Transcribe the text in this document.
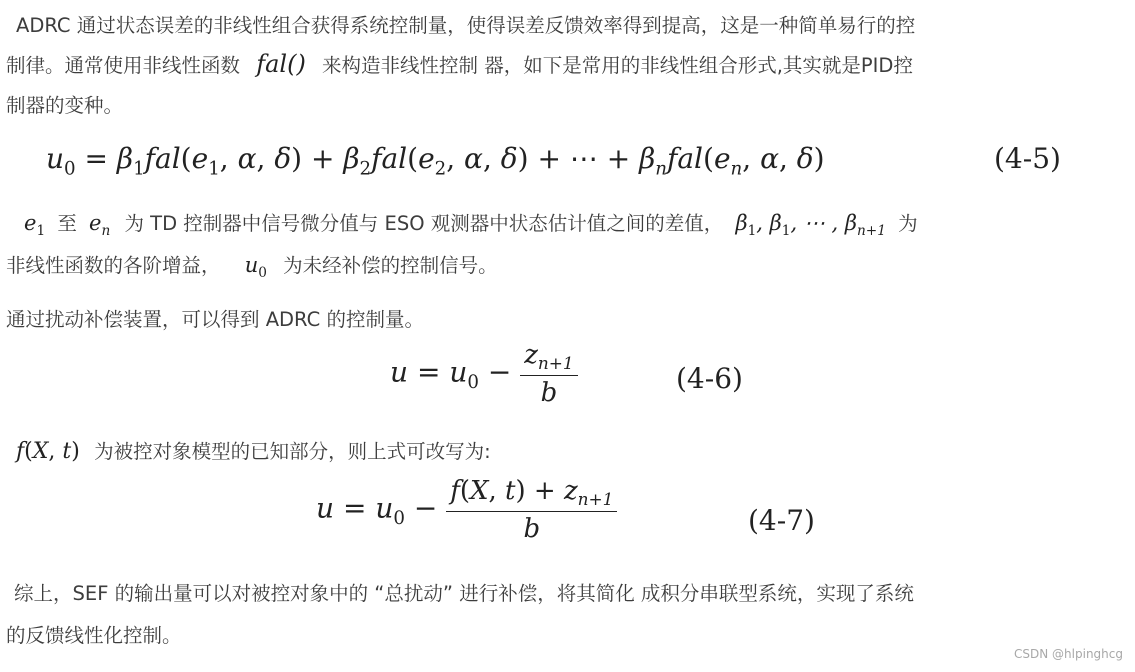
ADRC 通过状态误差的非线性组合获得系统控制量，使得误差反馈效率得到提高，这是一种简单易行的控
制律。通常使用非线性函数 fal() 来构造非线性控制 器，如下是常用的非线性组合形式,其实就是PID控
制器的变种。
$u_0 = \beta_1fal(e_1$, α, $\delta) + \beta_2fal(e_2$, α, δ) + ⋯ + $\beta_nfal(e_n$, α, δ)	(4-5)
$e_1$ 至 $e_n$ 为 TD 控制器中信号微分值与 ESO 观测器中状态估计值之间的差值， $\beta_1$, $\beta_1$, ⋯ , $\beta_{n+1}$ 为
非线性函数的各阶增益， $u_0$ 为未经补偿的控制信号。
通过扰动补偿装置，可以得到 ADRC 的控制量。
$u = u_0 - \frac{z_{n+1}}{b}$	(4-6)
f(X, t) 为被控对象模型的已知部分，则上式可改写为:
$u = u_0 - \frac{f(X, t) + z_{n+1}}{b}$	(4-7)
综上，SEF 的输出量可以对被控对象中的 “总扰动” 进行补偿，将其简化 成积分串联型系统，实现了系统
的反馈线性化控制。
CSDN @hlpinghcg
